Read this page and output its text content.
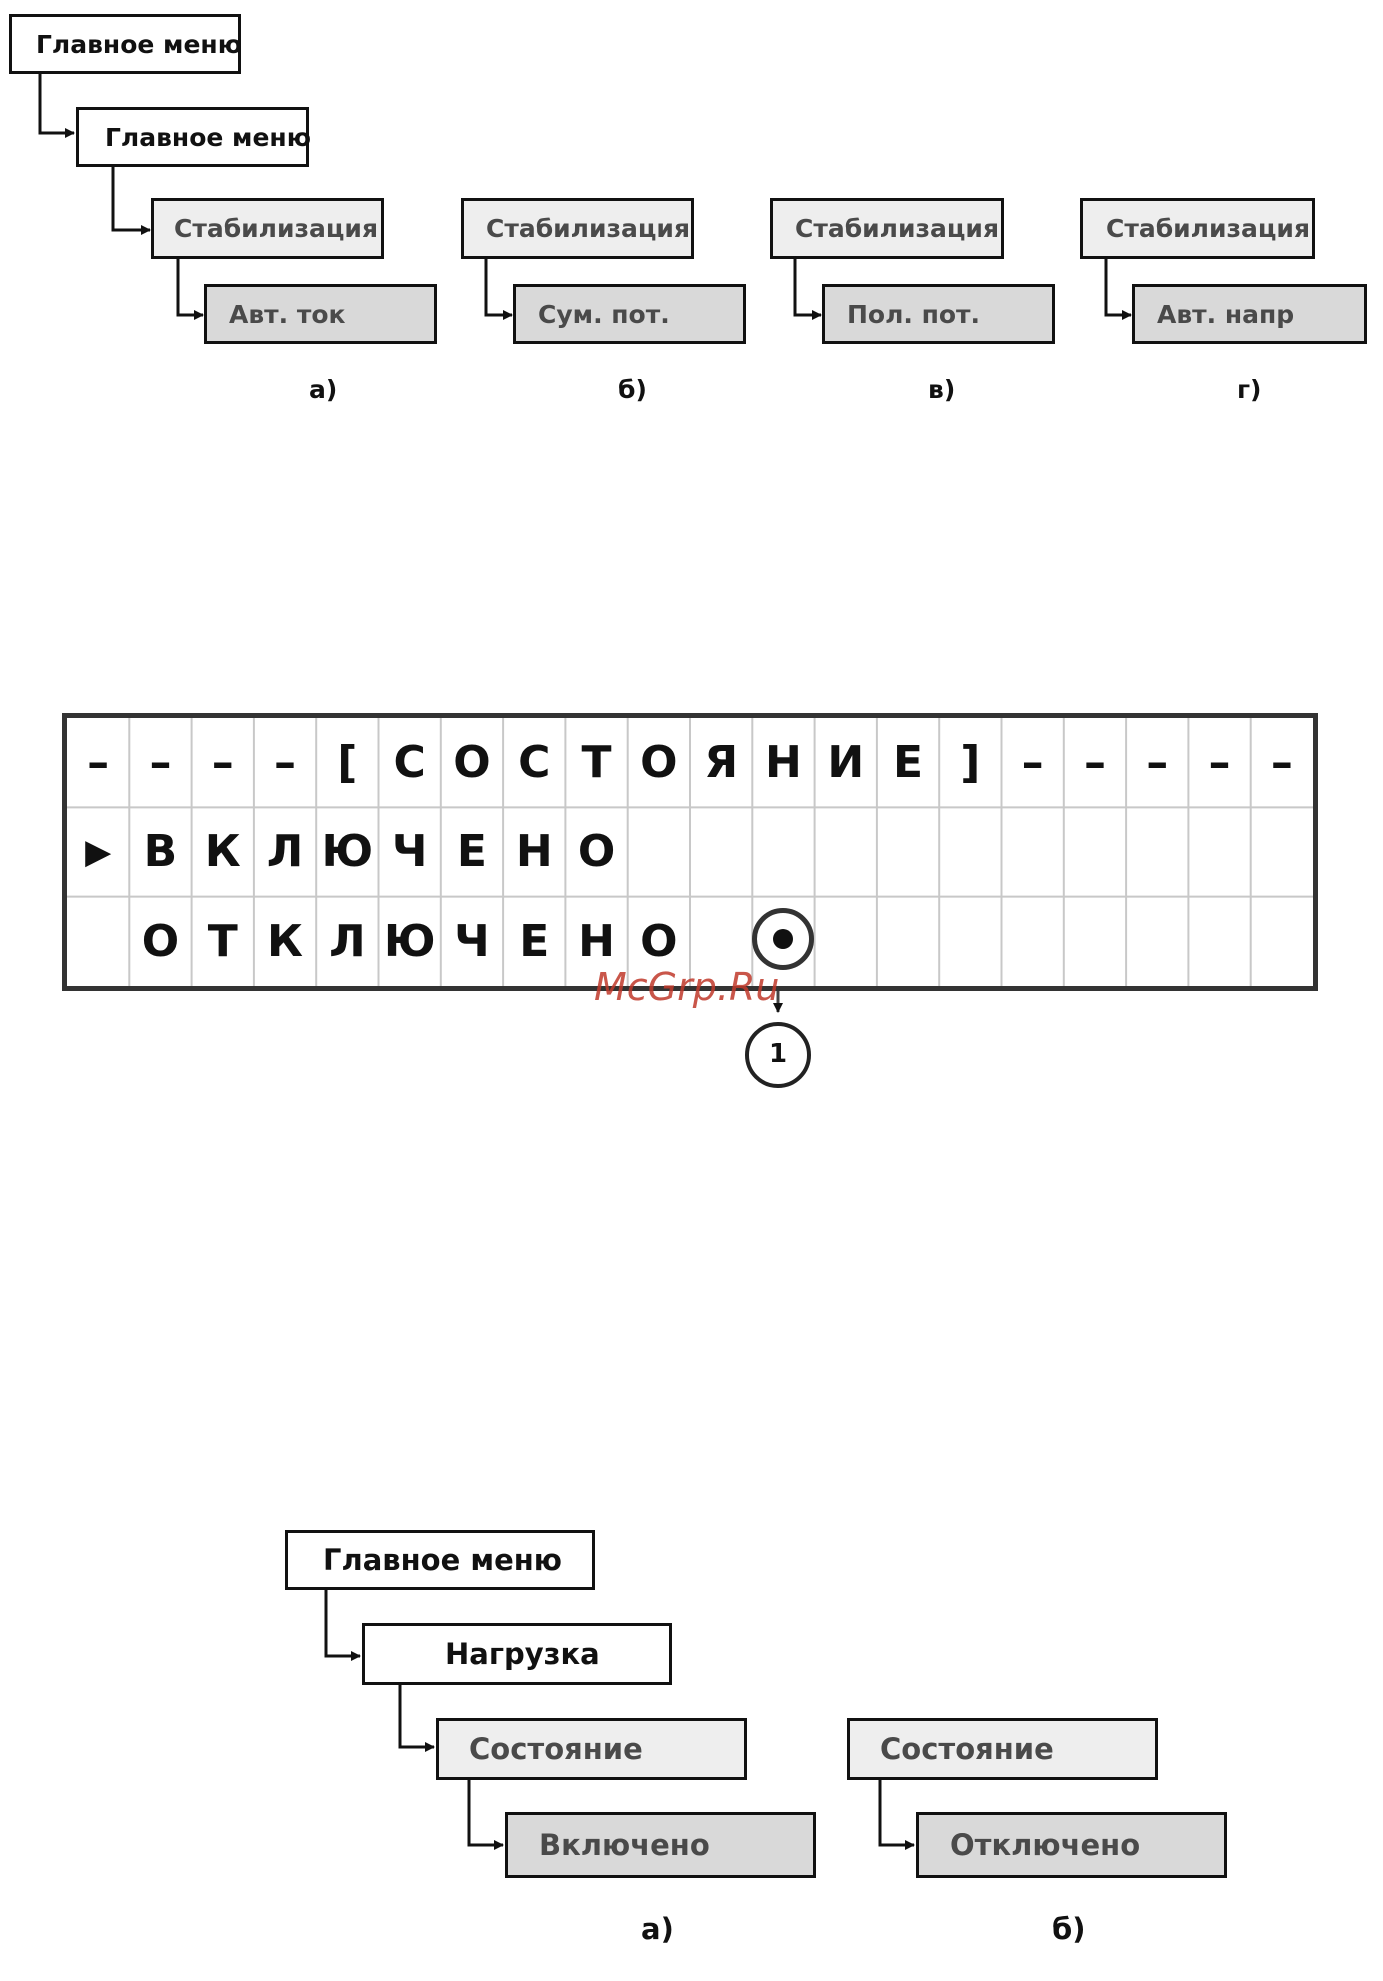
Главное меню
Главное меню
Стабилизация
Авт. ток
а)
Стабилизация
Сум. пот.
б)
Стабилизация
Пол. пот.
в)
Стабилизация
Авт. напр
г)
– – – – [ С О С Т О Я Н И Е ] – – – – –
▶ В К Л Ю Ч Е Н О
О Т К Л Ю Ч Е Н О
McGrp.Ru
1
Главное меню
Нагрузка
Состояние
Включено
а)
Состояние
Отключено
б)
